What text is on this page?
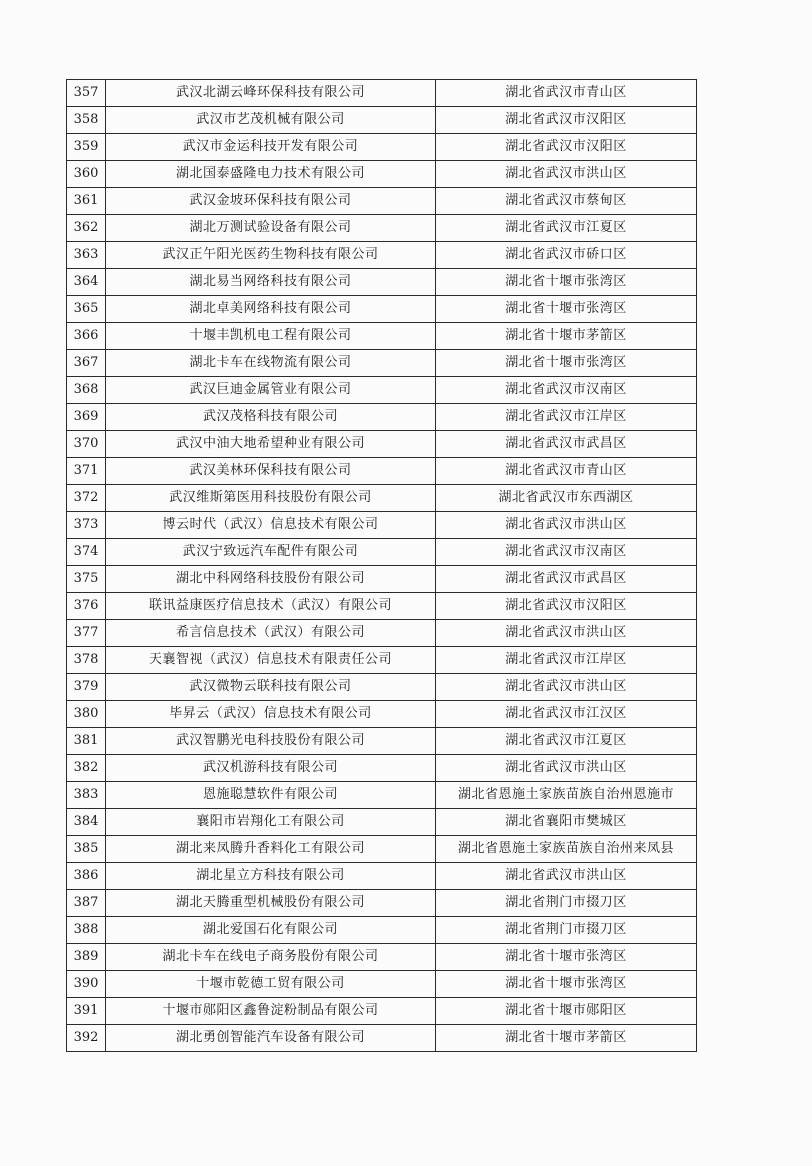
357	武汉北湖云峰环保科技有限公司	湖北省武汉市青山区
358	武汉市艺茂机械有限公司	湖北省武汉市汉阳区
359	武汉市金运科技开发有限公司	湖北省武汉市汉阳区
360	湖北国泰盛隆电力技术有限公司	湖北省武汉市洪山区
361	武汉金坡环保科技有限公司	湖北省武汉市蔡甸区
362	湖北万测试验设备有限公司	湖北省武汉市江夏区
363	武汉正午阳光医药生物科技有限公司	湖北省武汉市硚口区
364	湖北易当网络科技有限公司	湖北省十堰市张湾区
365	湖北卓美网络科技有限公司	湖北省十堰市张湾区
366	十堰丰凯机电工程有限公司	湖北省十堰市茅箭区
367	湖北卡车在线物流有限公司	湖北省十堰市张湾区
368	武汉巨迪金属管业有限公司	湖北省武汉市汉南区
369	武汉茂格科技有限公司	湖北省武汉市江岸区
370	武汉中油大地希望种业有限公司	湖北省武汉市武昌区
371	武汉美林环保科技有限公司	湖北省武汉市青山区
372	武汉维斯第医用科技股份有限公司	湖北省武汉市东西湖区
373	博云时代（武汉）信息技术有限公司	湖北省武汉市洪山区
374	武汉宁致远汽车配件有限公司	湖北省武汉市汉南区
375	湖北中科网络科技股份有限公司	湖北省武汉市武昌区
376	联讯益康医疗信息技术（武汉）有限公司	湖北省武汉市汉阳区
377	希言信息技术（武汉）有限公司	湖北省武汉市洪山区
378	天襄智视（武汉）信息技术有限责任公司	湖北省武汉市江岸区
379	武汉微物云联科技有限公司	湖北省武汉市洪山区
380	毕昇云（武汉）信息技术有限公司	湖北省武汉市江汉区
381	武汉智鹏光电科技股份有限公司	湖北省武汉市江夏区
382	武汉机游科技有限公司	湖北省武汉市洪山区
383	恩施聪慧软件有限公司	湖北省恩施土家族苗族自治州恩施市
384	襄阳市岩翔化工有限公司	湖北省襄阳市樊城区
385	湖北来凤腾升香料化工有限公司	湖北省恩施土家族苗族自治州来凤县
386	湖北星立方科技有限公司	湖北省武汉市洪山区
387	湖北天腾重型机械股份有限公司	湖北省荆门市掇刀区
388	湖北爱国石化有限公司	湖北省荆门市掇刀区
389	湖北卡车在线电子商务股份有限公司	湖北省十堰市张湾区
390	十堰市乾德工贸有限公司	湖北省十堰市张湾区
391	十堰市郧阳区鑫鲁淀粉制品有限公司	湖北省十堰市郧阳区
392	湖北勇创智能汽车设备有限公司	湖北省十堰市茅箭区
